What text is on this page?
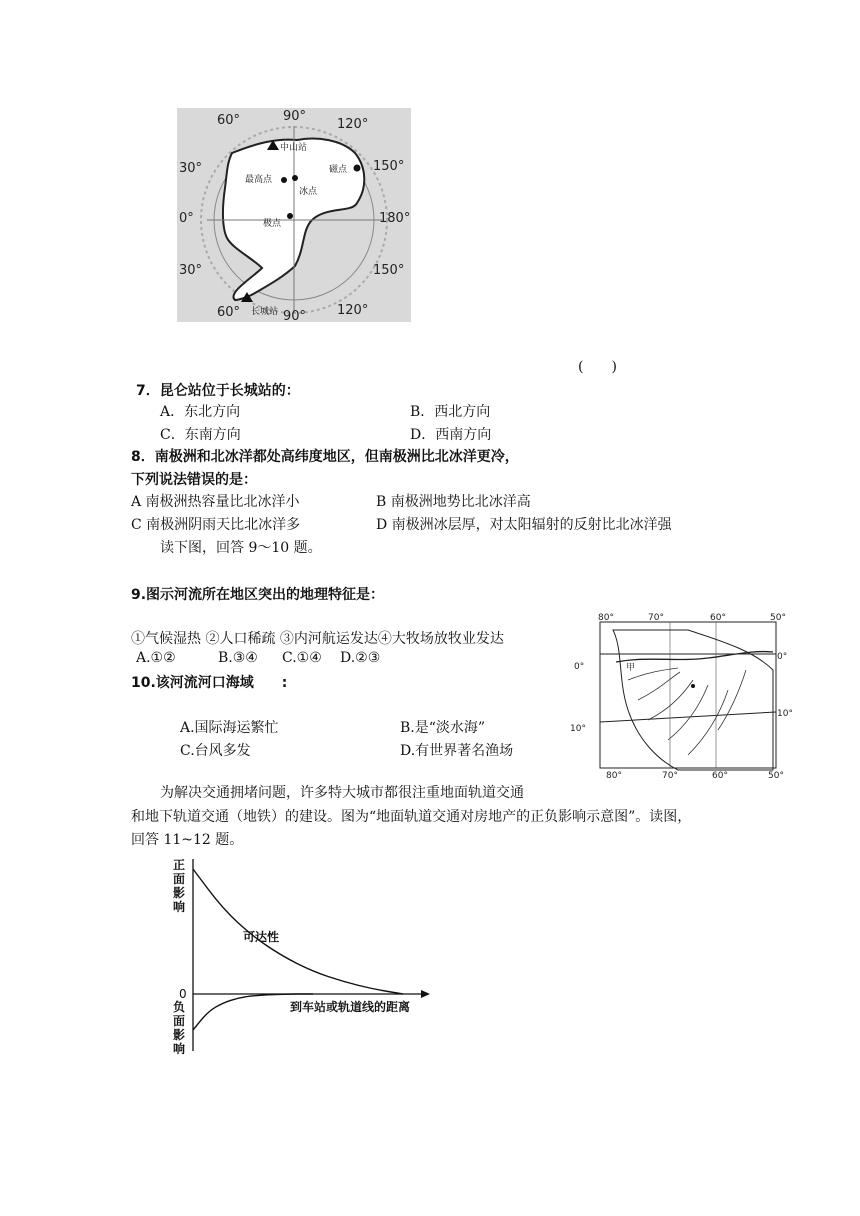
60°	90°
120°
30°	150°
0°	180°
30°	150°
60°	90° 120°
中山站
最高点
冰点
磁点
极点
长城站
(　　)
7．昆仑站位于长城站的：
A．东北方向	B．西北方向
C．东南方向	D．西南方向
8．南极洲和北冰洋都处高纬度地区，但南极洲比北冰洋更冷，
下列说法错误的是：
A 南极洲热容量比北冰洋小	B 南极洲地势比北冰洋高
C 南极洲阴雨天比北冰洋多	D 南极洲冰层厚，对太阳辐射的反射比北冰洋强
读下图，回答 9～10 题。
9.图示河流所在地区突出的地理特征是：
①气候湿热 ②人口稀疏 ③内河航运发达④大牧场放牧业发达
A.①②	B.③④ C.①④ D.②③
10.该河流河口海域　　:
A.国际海运繁忙	B.是“淡水海”
C.台风多发	D.有世界著名渔场
80°	70°	60°	50°
80°	70°	60°	50°
0°
10°
0°
10°
甲
为解决交通拥堵问题，许多特大城市都很注重地面轨道交通
和地下轨道交通（地铁）的建设。图为“地面轨道交通对房地产的正负影响示意图”。读图，
回答 11~12 题。
正面影响
0
负面影响
到车站或轨道线的距离
可达性
